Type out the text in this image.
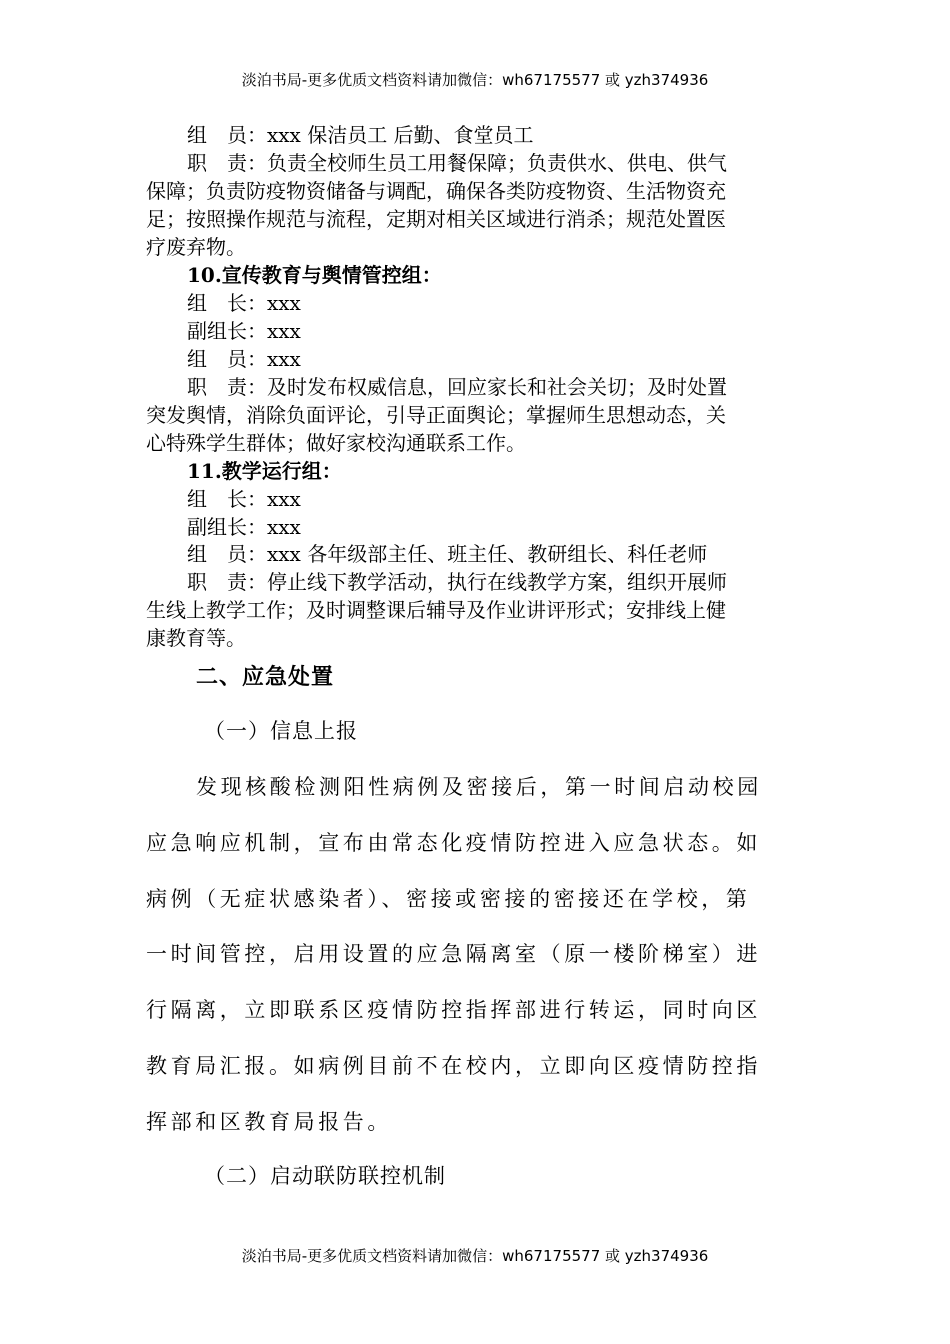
淡泊书局-更多优质文档资料请加微信：wh67175577 或 yzh374936
组　员：xxx 保洁员工 后勤、食堂员工
职　责：负责全校师生员工用餐保障；负责供水、供电、供气
保障；负责防疫物资储备与调配，确保各类防疫物资、生活物资充
足；按照操作规范与流程，定期对相关区域进行消杀；规范处置医
疗废弃物。
10.宣传教育与舆情管控组：
组　长：xxx
副组长：xxx
组　员：xxx
职　责：及时发布权威信息，回应家长和社会关切；及时处置
突发舆情，消除负面评论，引导正面舆论；掌握师生思想动态，关
心特殊学生群体；做好家校沟通联系工作。
11.教学运行组：
组　长：xxx
副组长：xxx
组　员：xxx 各年级部主任、班主任、教研组长、科任老师
职　责：停止线下教学活动，执行在线教学方案，组织开展师
生线上教学工作；及时调整课后辅导及作业讲评形式；安排线上健
康教育等。
二、应急处置
（一）信息上报
发现核酸检测阳性病例及密接后，第一时间启动校园
应急响应机制，宣布由常态化疫情防控进入应急状态。如
病例（无症状感染者）、密接或密接的密接还在学校，第
一时间管控，启用设置的应急隔离室（原一楼阶梯室）进
行隔离，立即联系区疫情防控指挥部进行转运，同时向区
教育局汇报。如病例目前不在校内，立即向区疫情防控指
挥部和区教育局报告。
（二）启动联防联控机制
淡泊书局-更多优质文档资料请加微信：wh67175577 或 yzh374936
